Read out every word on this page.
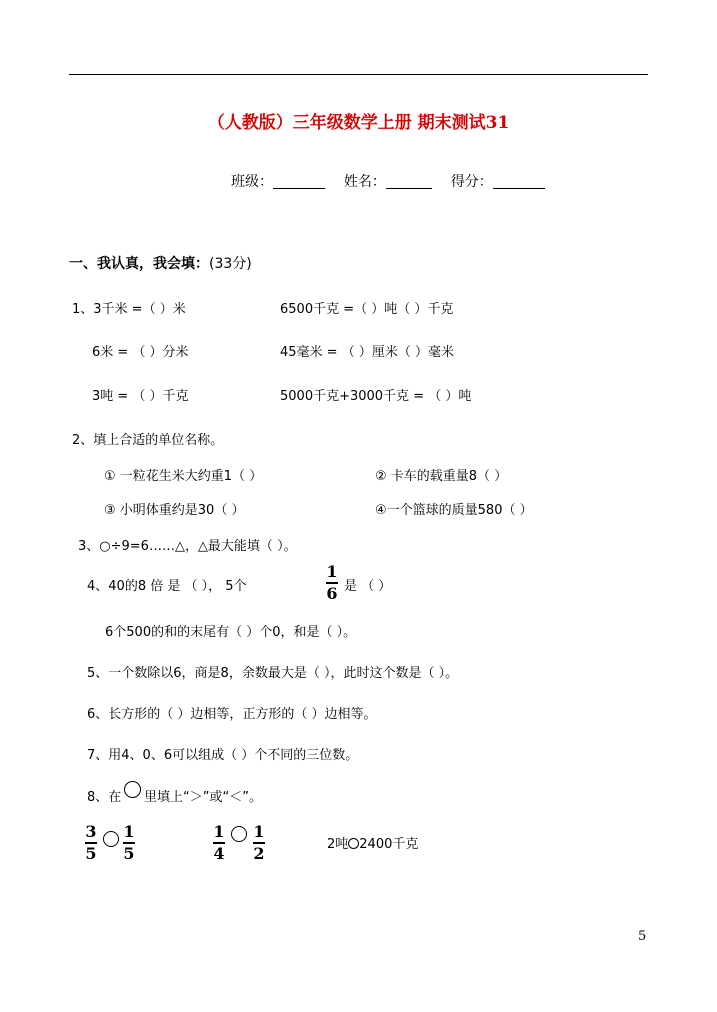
（人教版）三年级数学上册 期末测试31
班级：	姓名：	得分：
一、我认真，我会填：(33分)
1、3千米 =（ ）米	6500千克 =（ ）吨（ ）千克
6米 = （ ）分米	45毫米 = （ ）厘米（ ）毫米
3吨 = （ ）千克	5000千克+3000千克 = （ ）吨
2、填上合适的单位名称。
① 一粒花生米大约重1（ ）	② 卡车的载重量8（ ）
③ 小明体重约是30（ ）	④一个篮球的质量580（ ）
3、○÷9=6……△，△最大能填（ ）。
4、40的8 倍 是 （ ）， 5个
1
6 是 （ ）
6个500的和的末尾有（ ）个0，和是（ ）。
5、一个数除以6，商是8，余数最大是（ ），此时这个数是（ ）。
6、长方形的（ ）边相等，正方形的（ ）边相等。
7、用4、0、6可以组成（ ）个不同的三位数。
8、在 里填上“＞”或“＜”。
3
5
1
5
1
4
1
2	2吨 2400千克
5
